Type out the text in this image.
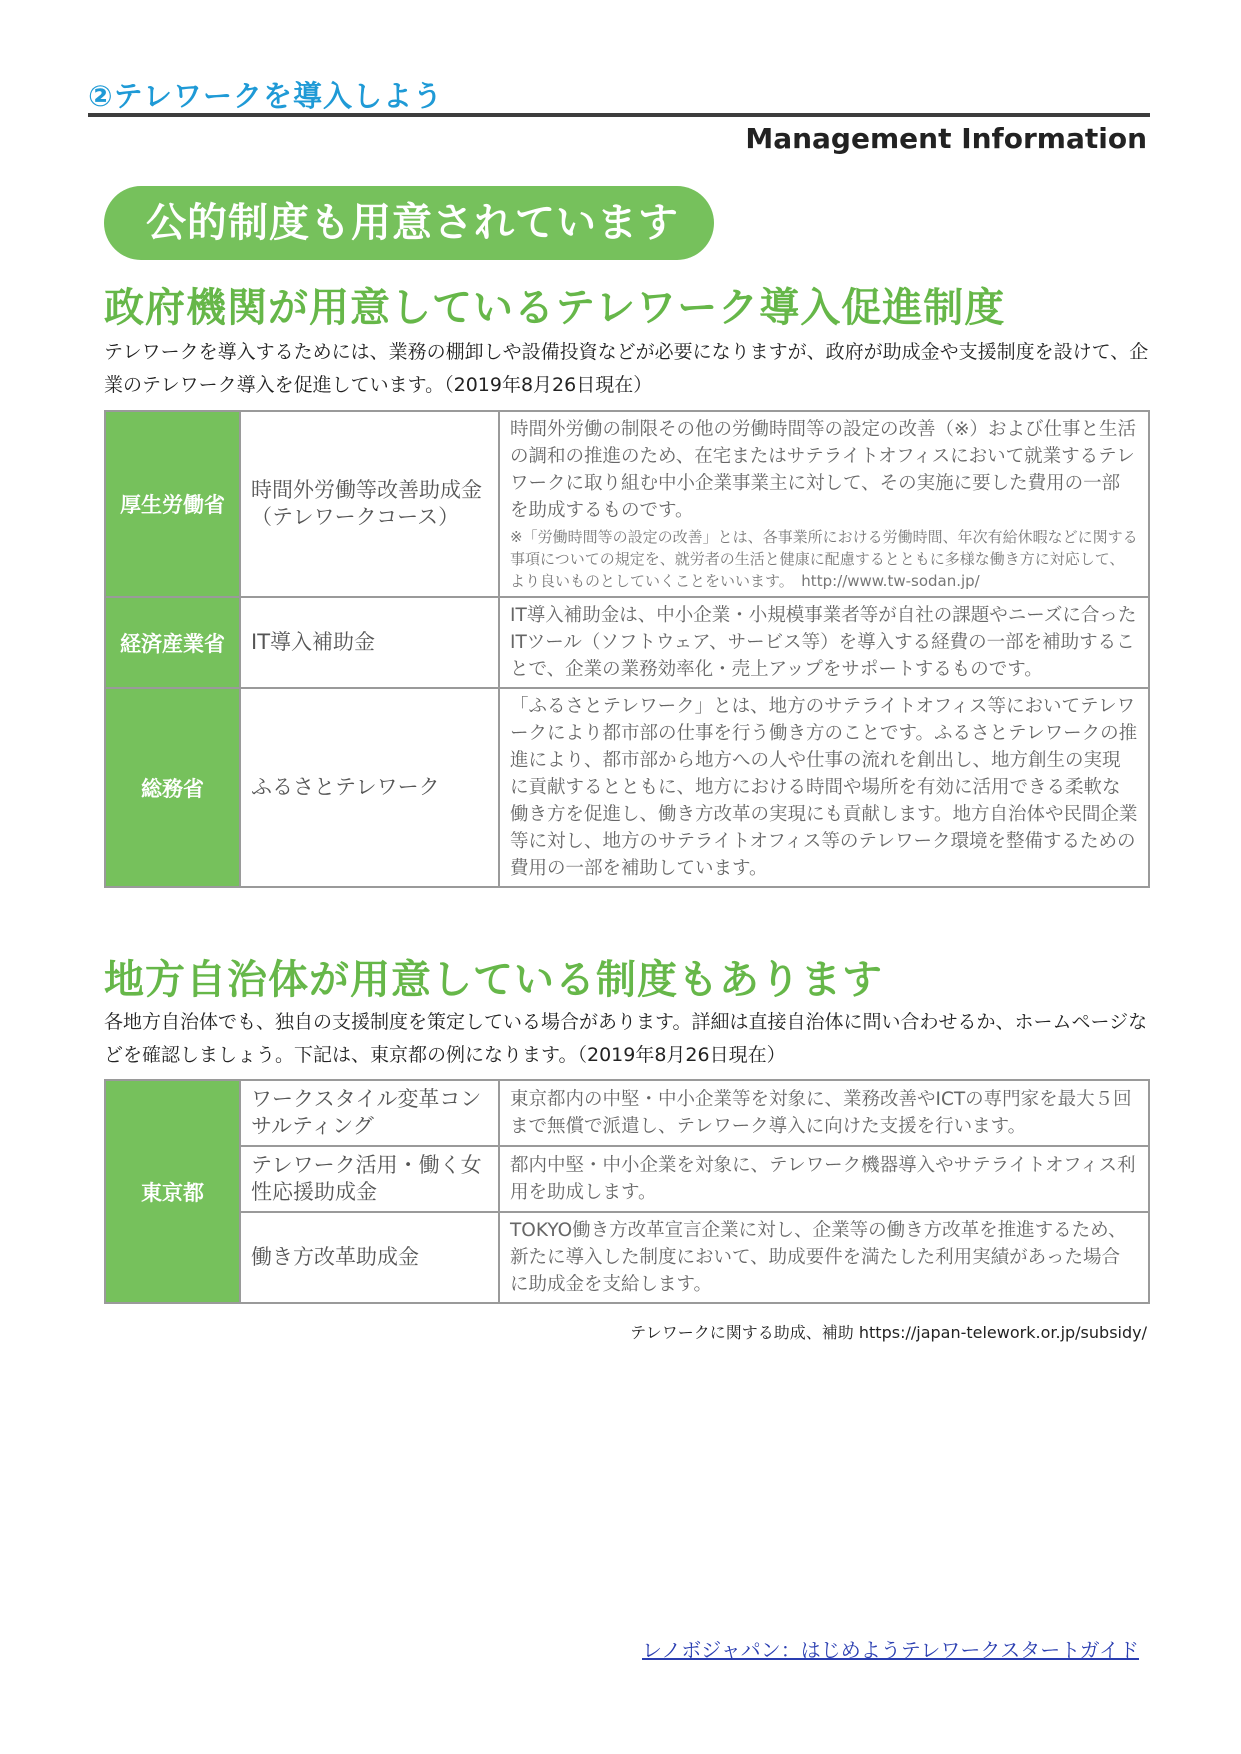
②テレワークを導入しよう
Management Information
公的制度も用意されています
政府機関が用意しているテレワーク導入促進制度
テレワークを導入するためには、業務の棚卸しや設備投資などが必要になりますが、政府が助成金や支援制度を設けて、企業のテレワーク導入を促進しています。（2019年8月26日現在）
厚生労働省	時間外労働等改善助成金（テレワークコース）	時間外労働の制限その他の労働時間等の設定の改善（※）および仕事と生活の調和の推進のため、在宅またはサテライトオフィスにおいて就業するテレワークに取り組む中小企業事業主に対して、その実施に要した費用の一部を助成するものです。
※「労働時間等の設定の改善」とは、各事業所における労働時間、年次有給休暇などに関する事項についての規定を、就労者の生活と健康に配慮するとともに多様な働き方に対応して、より良いものとしていくことをいいます。　http://www.tw-sodan.jp/

経済産業省	IT導入補助金	IT導入補助金は、中小企業・小規模事業者等が自社の課題やニーズに合ったITツール（ソフトウェア、サービス等）を導入する経費の一部を補助することで、企業の業務効率化・売上アップをサポートするものです。

総務省	ふるさとテレワーク	「ふるさとテレワーク」とは、地方のサテライトオフィス等においてテレワークにより都市部の仕事を行う働き方のことです。ふるさとテレワークの推進により、都市部から地方への人や仕事の流れを創出し、地方創生の実現に貢献するとともに、地方における時間や場所を有効に活用できる柔軟な働き方を促進し、働き方改革の実現にも貢献します。地方自治体や民間企業等に対し、地方のサテライトオフィス等のテレワーク環境を整備するための費用の一部を補助しています。
地方自治体が用意している制度もあります
各地方自治体でも、独自の支援制度を策定している場合があります。詳細は直接自治体に問い合わせるか、ホームページなどを確認しましょう。下記は、東京都の例になります。（2019年8月26日現在）
東京都	ワークスタイル変革コンサルティング	東京都内の中堅・中小企業等を対象に、業務改善やICTの専門家を最大５回まで無償で派遣し、テレワーク導入に向けた支援を行います。
	テレワーク活用・働く女性応援助成金	都内中堅・中小企業を対象に、テレワーク機器導入やサテライトオフィス利用を助成します。
	働き方改革助成金	TOKYO働き方改革宣言企業に対し、企業等の働き方改革を推進するため、新たに導入した制度において、助成要件を満たした利用実績があった場合に助成金を支給します。
テレワークに関する助成、補助 https://japan-telework.or.jp/subsidy/
レノボジャパン：はじめようテレワークスタートガイド
